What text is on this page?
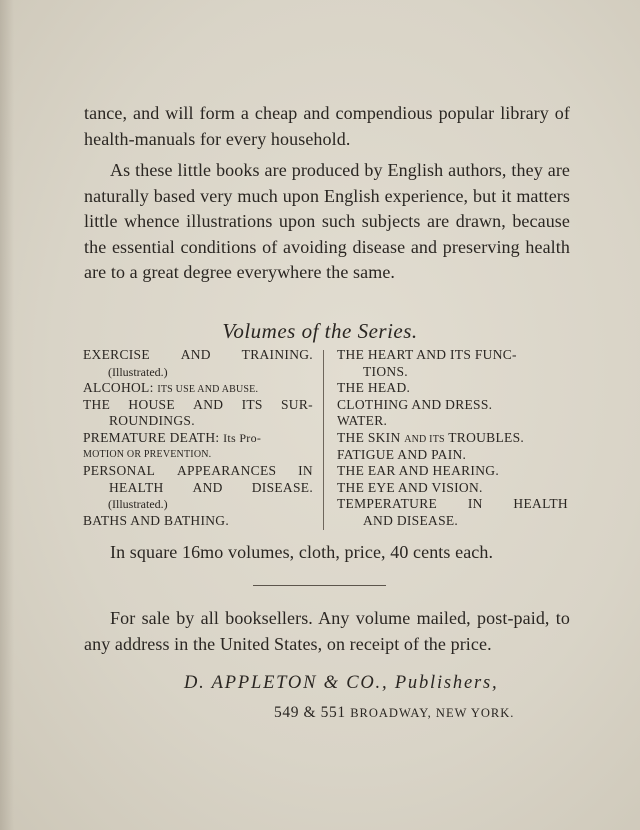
tance, and will form a cheap and compendious popular library of health-manuals for every household.

As these little books are produced by English authors, they are naturally based very much upon English experience, but it matters little whence illustrations upon such subjects are drawn, because the essential conditions of avoiding disease and preserving health are to a great degree everywhere the same.

Volumes of the Series.
EXERCISE AND TRAINING.
(Illustrated.)
ALCOHOL: ITS USE AND ABUSE.
THE HOUSE AND ITS SUR-
ROUNDINGS.
PREMATURE DEATH: Its Pro-
MOTION OR PREVENTION.
PERSONAL APPEARANCES IN
HEALTH AND DISEASE.
(Illustrated.)
BATHS AND BATHING.
THE HEART AND ITS FUNC-
TIONS.
THE HEAD.
CLOTHING AND DRESS.
WATER.
THE SKIN AND ITS TROUBLES.
FATIGUE AND PAIN.
THE EAR AND HEARING.
THE EYE AND VISION.
TEMPERATURE IN HEALTH
AND DISEASE.
In square 16mo volumes, cloth, price, 40 cents each.

For sale by all booksellers. Any volume mailed, post-paid, to any address in the United States, on receipt of the price.

D. APPLETON & CO., Publishers,
549 & 551 BROADWAY, NEW YORK.
